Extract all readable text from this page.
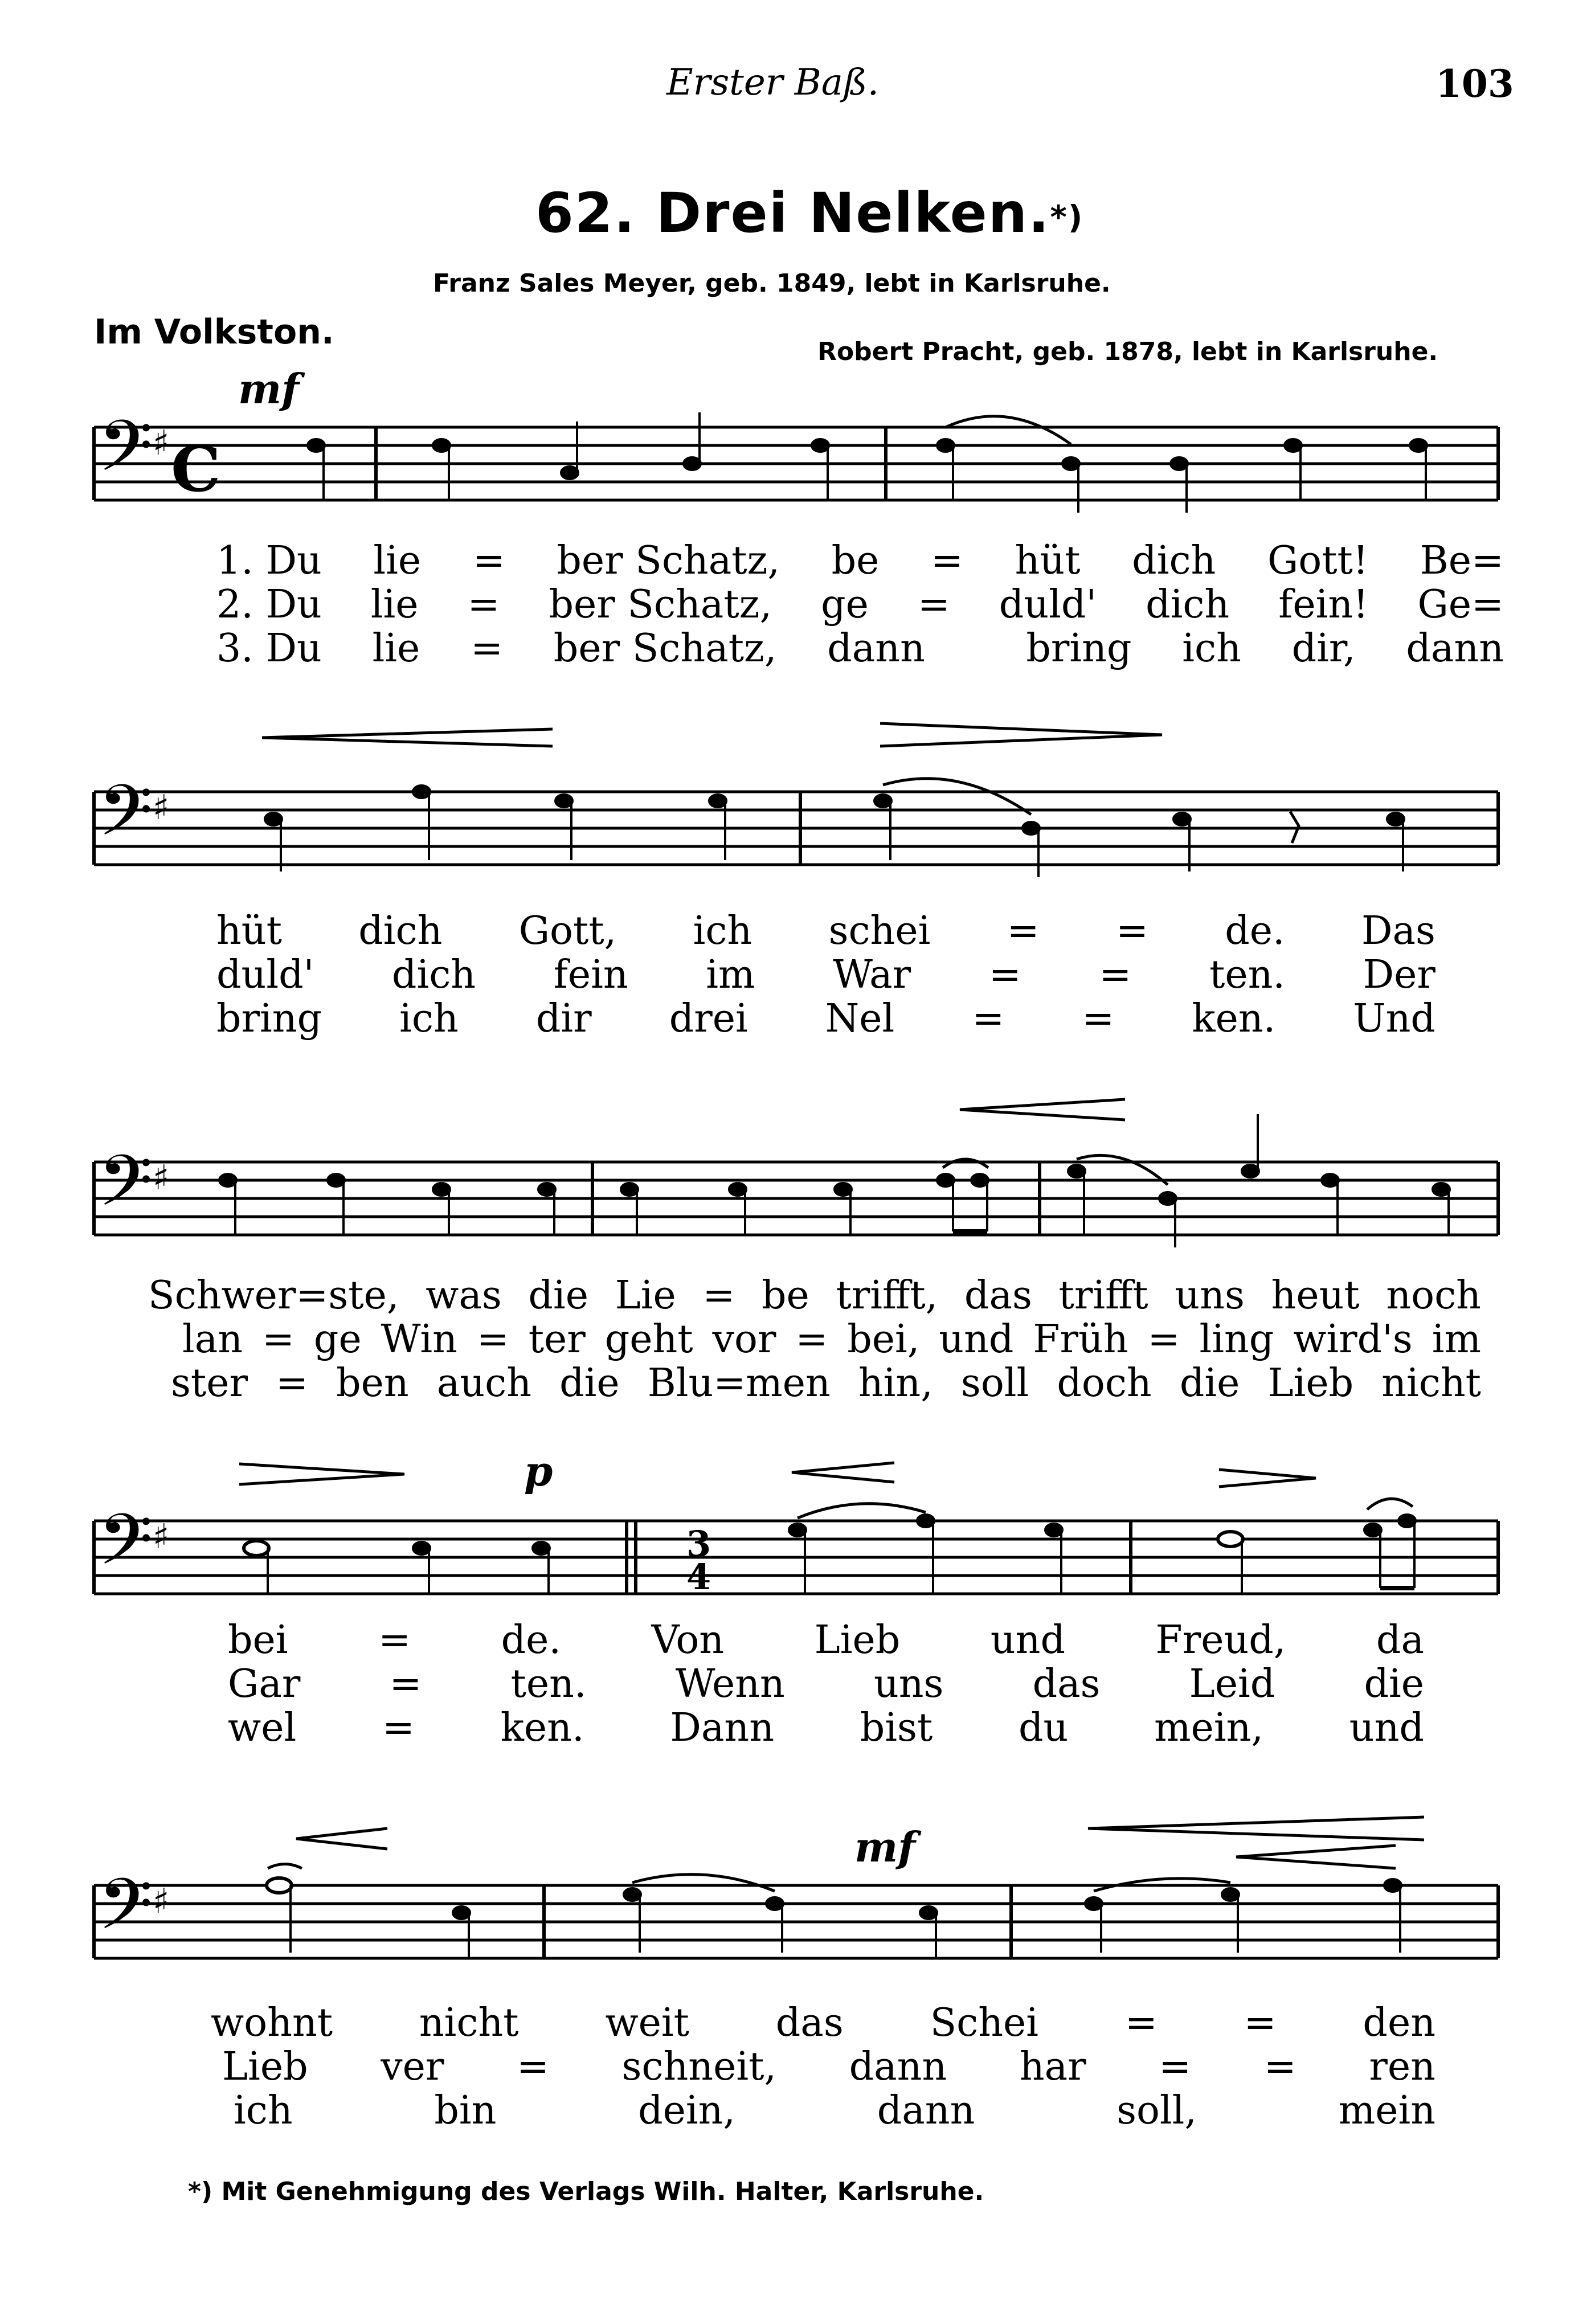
Erster Baß.	103
62. Drei Nelken.*)
Franz Sales Meyer, geb. 1849, lebt in Karlsruhe.
Im Volkston.	Robert Pracht, geb. 1878, lebt in Karlsruhe.
mf
𝄢 ♯ C
1. Du lie = ber Schatz, be = hüt dich Gott! Be=
2. Du lie = ber Schatz, ge = duld' dich fein! Ge=
3. Du lie = ber Schatz, dann	bring ich dir, dann
𝄢 ♯
hüt dich Gott, ich schei = = de. Das
duld' dich fein im War = = ten. Der
bring ich dir drei Nel = = ken. Und
𝄢 ♯
Schwer=ste, was die Lie = be trifft, das trifft uns heut noch
lan = ge Win = ter geht vor = bei, und Früh = ling wird's im
ster = ben auch die Blu=men hin, soll doch die Lieb nicht
p
𝄢 ♯	3
4
bei = de. Von Lieb und Freud, da
Gar = ten. Wenn uns das Leid die
wel = ken. Dann bist du mein, und
mf
𝄢 ♯
wohnt nicht weit das Schei = = den
Lieb ver = schneit, dann har = = ren
ich	bin	dein,	dann	soll,	mein
*) Mit Genehmigung des Verlags Wilh. Halter, Karlsruhe.
